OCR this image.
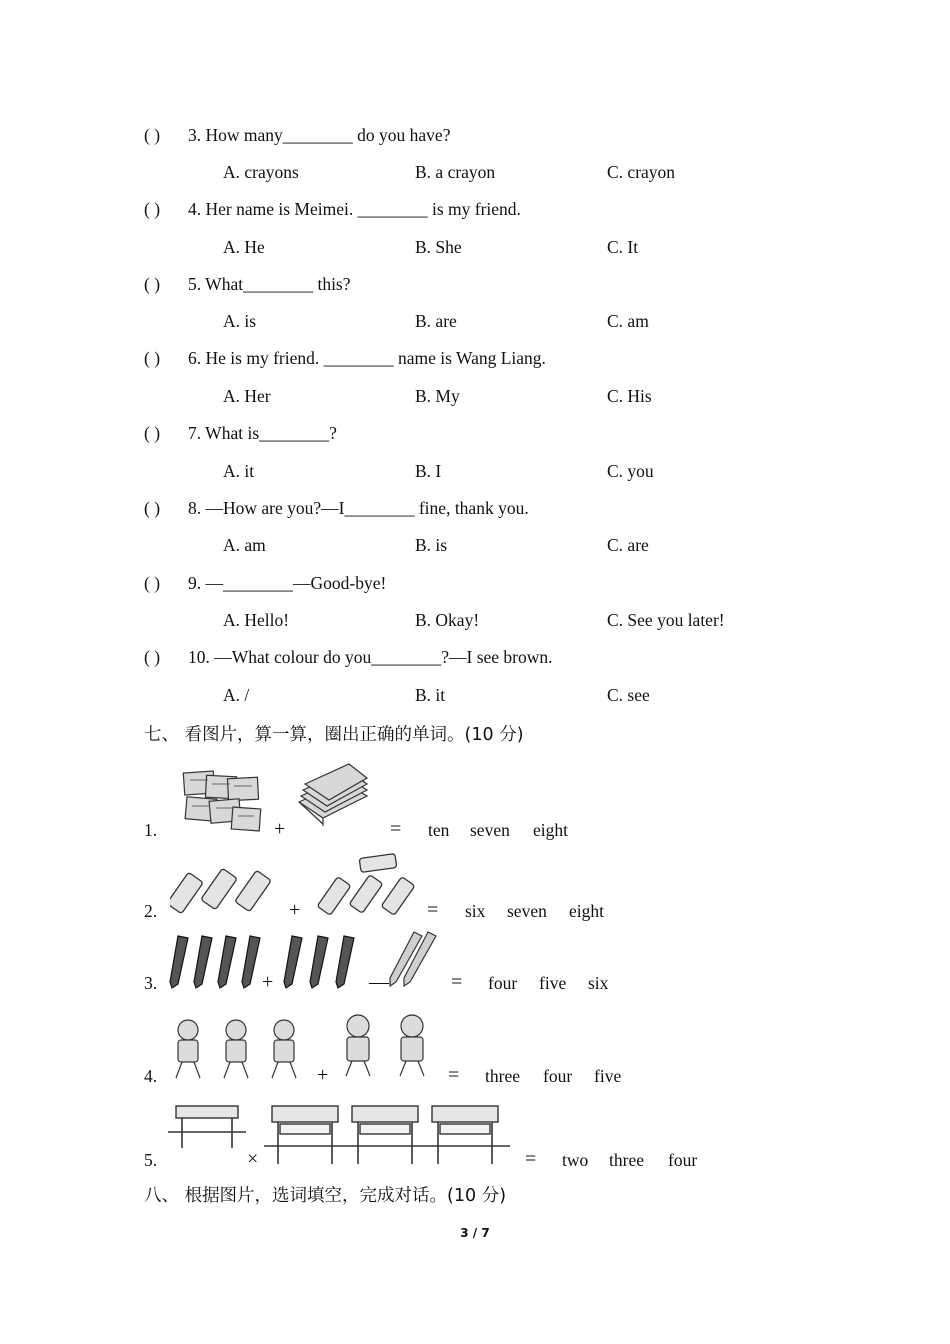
( ) 3. How many________ do you have?
A. crayons	B. a crayon	C. crayon
( ) 4. Her name is Meimei. ________ is my friend.
A. He	B. She	C. It
( ) 5. What________ this?
A. is	B. are	C. am
( ) 6. He is my friend. ________ name is Wang Liang.
A. Her	B. My	C. His
( ) 7. What is________?
A. it	B. I	C. you
( ) 8. —How are you?—I________ fine, thank you.
A. am	B. is	C. are
( ) 9. —________—Good‑bye!
A. Hello!	B. Okay!	C. See you later!
( ) 10. —What colour do you________?—I see brown.
A. /	B. it	C. see
七、 看图片，算一算，圈出正确的单词。(10 分)
1.	+	= ten seven eight
2.	+	= six seven eight
3.	+	—	= four five six
4.	+	= three four five
5.	×	= two three four
八、 根据图片，选词填空，完成对话。(10 分)
3 / 7
